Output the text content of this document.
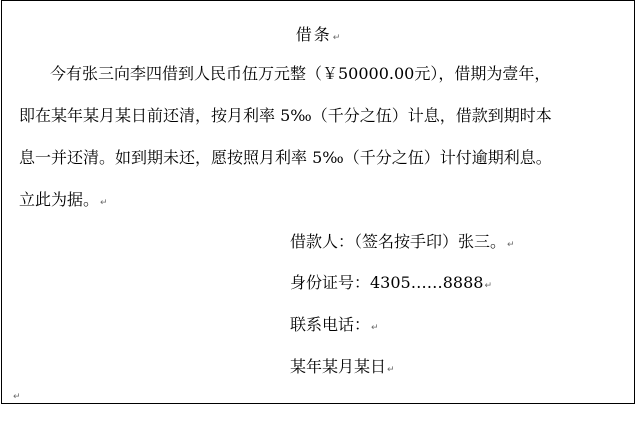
借条↵
今有张三向李四借到人民币伍万元整（￥50000.00元），借期为壹年，
即在某年某月某日前还清，按月利率 5‰（千分之伍）计息，借款到期时本
息一并还清。如到期未还，愿按照月利率 5‰（千分之伍）计付逾期利息。
立此为据。↵
借款人：（签名按手印）张三。↵
身份证号：4305……8888↵
联系电话：↵
某年某月某日↵
↵
